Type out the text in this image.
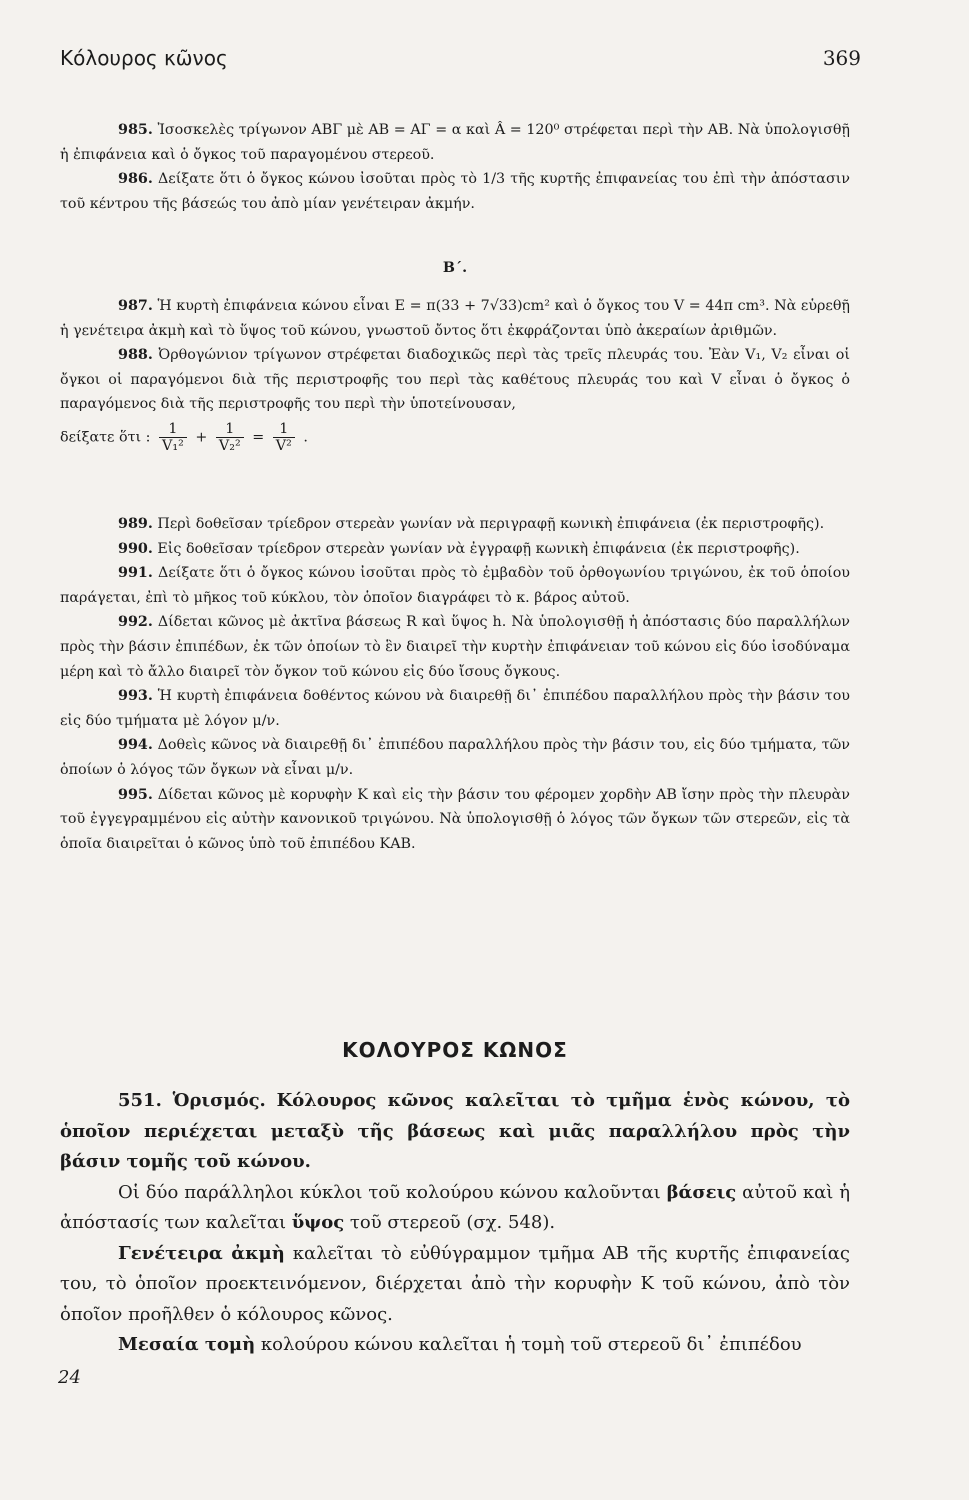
Κόλουρος κῶνος	369

985. Ἰσοσκελὲς τρίγωνον ΑΒΓ μὲ ΑΒ = ΑΓ = α καὶ Â = 120⁰ στρέφεται περὶ τὴν ΑΒ. Νὰ ὑπολογισθῇ ἡ ἐπιφάνεια καὶ ὁ ὄγκος τοῦ παραγομένου στερεοῦ.

986. Δείξατε ὅτι ὁ ὄγκος κώνου ἰσοῦται πρὸς τὸ 1/3 τῆς κυρτῆς ἐπιφανείας του ἐπὶ τὴν ἀπόστασιν τοῦ κέντρου τῆς βάσεώς του ἀπὸ μίαν γενέτειραν ἀκμήν.

Β΄.

987. Ἡ κυρτὴ ἐπιφάνεια κώνου εἶναι Ε = π(33 + 7√33)cm² καὶ ὁ ὄγκος του V = 44π cm³. Νὰ εὑρεθῇ ἡ γενέτειρα ἀκμὴ καὶ τὸ ὕψος τοῦ κώνου, γνωστοῦ ὄντος ὅτι ἐκφράζονται ὑπὸ ἀκεραίων ἀριθμῶν.

988. Ὀρθογώνιον τρίγωνον στρέφεται διαδοχικῶς περὶ τὰς τρεῖς πλευράς του. Ἐὰν V₁, V₂ εἶναι οἱ ὄγκοι οἱ παραγόμενοι διὰ τῆς περιστροφῆς του περὶ τὰς καθέτους πλευράς του καὶ V εἶναι ὁ ὄγκος ὁ παραγόμενος διὰ τῆς περιστροφῆς του περὶ τὴν ὑποτείνουσαν,

δείξατε ὅτι : $\frac{1}{\text{V₁²}} + \frac{1}{\text{V₂²}} = \frac{1}{\text{V²}}$ .

989. Περὶ δοθεῖσαν τρίεδρον στερεὰν γωνίαν νὰ περιγραφῇ κωνικὴ ἐπιφάνεια (ἐκ περιστροφῆς).

990. Εἰς δοθεῖσαν τρίεδρον στερεὰν γωνίαν νὰ ἐγγραφῇ κωνικὴ ἐπιφάνεια (ἐκ περιστροφῆς).

991. Δείξατε ὅτι ὁ ὄγκος κώνου ἰσοῦται πρὸς τὸ ἐμβαδὸν τοῦ ὀρθογωνίου τριγώνου, ἐκ τοῦ ὁποίου παράγεται, ἐπὶ τὸ μῆκος τοῦ κύκλου, τὸν ὁποῖον διαγράφει τὸ κ. βάρος αὐτοῦ.

992. Δίδεται κῶνος μὲ ἀκτῖνα βάσεως R καὶ ὕψος h. Νὰ ὑπολογισθῇ ἡ ἀπόστασις δύο παραλλήλων πρὸς τὴν βάσιν ἐπιπέδων, ἐκ τῶν ὁποίων τὸ ἓν διαιρεῖ τὴν κυρτὴν ἐπιφάνειαν τοῦ κώνου εἰς δύο ἰσοδύναμα μέρη καὶ τὸ ἄλλο διαιρεῖ τὸν ὄγκον τοῦ κώνου εἰς δύο ἴσους ὄγκους.

993. Ἡ κυρτὴ ἐπιφάνεια δοθέντος κώνου νὰ διαιρεθῇ δι᾽ ἐπιπέδου παραλλήλου πρὸς τὴν βάσιν του εἰς δύο τμήματα μὲ λόγον μ/ν.

994. Δοθεὶς κῶνος νὰ διαιρεθῇ δι᾽ ἐπιπέδου παραλλήλου πρὸς τὴν βάσιν του, εἰς δύο τμήματα, τῶν ὁποίων ὁ λόγος τῶν ὄγκων νὰ εἶναι μ/ν.

995. Δίδεται κῶνος μὲ κορυφὴν Κ καὶ εἰς τὴν βάσιν του φέρομεν χορδὴν ΑΒ ἴσην πρὸς τὴν πλευρὰν τοῦ ἐγγεγραμμένου εἰς αὐτὴν κανονικοῦ τριγώνου. Νὰ ὑπολογισθῇ ὁ λόγος τῶν ὄγκων τῶν στερεῶν, εἰς τὰ ὁποῖα διαιρεῖται ὁ κῶνος ὑπὸ τοῦ ἐπιπέδου ΚΑΒ.

ΚΟΛΟΥΡΟΣ ΚΩΝΟΣ

551. Ὁρισμός. Κόλουρος κῶνος καλεῖται τὸ τμῆμα ἑνὸς κώνου, τὸ ὁποῖον περιέχεται μεταξὺ τῆς βάσεως καὶ μιᾶς παραλλήλου πρὸς τὴν βάσιν τομῆς τοῦ κώνου.

Οἱ δύο παράλληλοι κύκλοι τοῦ κολούρου κώνου καλοῦνται βάσεις αὐτοῦ καὶ ἡ ἀπόστασίς των καλεῖται ὕψος τοῦ στερεοῦ (σχ. 548).

Γενέτειρα ἀκμὴ καλεῖται τὸ εὐθύγραμμον τμῆμα ΑΒ τῆς κυρτῆς ἐπιφανείας του, τὸ ὁποῖον προεκτεινόμενον, διέρχεται ἀπὸ τὴν κορυφὴν Κ τοῦ κώνου, ἀπὸ τὸν ὁποῖον προῆλθεν ὁ κόλουρος κῶνος.

Μεσαία τομὴ κολούρου κώνου καλεῖται ἡ τομὴ τοῦ στερεοῦ δι᾽ ἐπιπέδου

24
